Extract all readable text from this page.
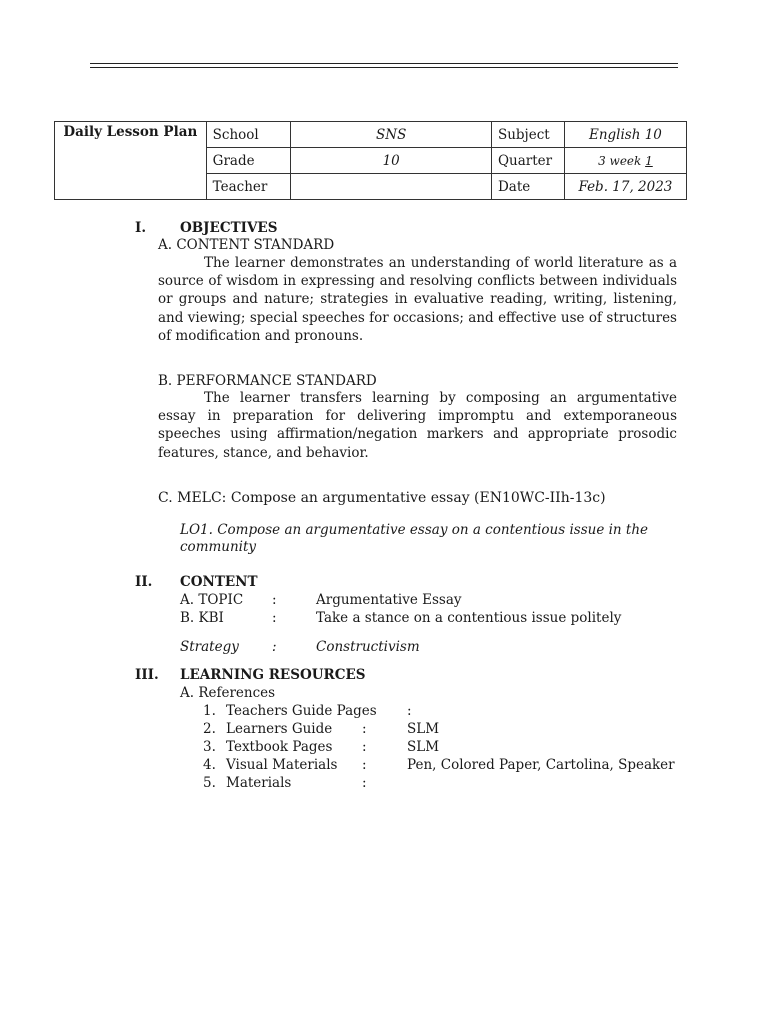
Daily Lesson Plan	School	SNS	Subject	English 10
	Grade	10	Quarter	3 week 1
	Teacher		Date	Feb. 17, 2023
I.	OBJECTIVES
A. CONTENT STANDARD
The learner demonstrates an understanding of world literature as a source of wisdom in expressing and resolving conflicts between individuals or groups and nature; strategies in evaluative reading, writing, listening, and viewing; special speeches for occasions; and effective use of structures of modification and pronouns.
B. PERFORMANCE STANDARD
The learner transfers learning by composing an argumentative essay in preparation for delivering impromptu and extemporaneous speeches using affirmation/negation markers and appropriate prosodic features, stance, and behavior.
C. MELC: Compose an argumentative essay (EN10WC-IIh-13c)
LO1. Compose an argumentative essay on a contentious issue in the community
II. CONTENT
A. TOPIC :	Argumentative Essay
B. KBI	:	Take a stance on a contentious issue politely
Strategy :	Constructivism
III. LEARNING RESOURCES
A. References
1. Teachers Guide Pages :
2. Learners Guide :	SLM
3. Textbook Pages :	SLM
4. Visual Materials :	Pen, Colored Paper, Cartolina, Speaker
5. Materials	:
